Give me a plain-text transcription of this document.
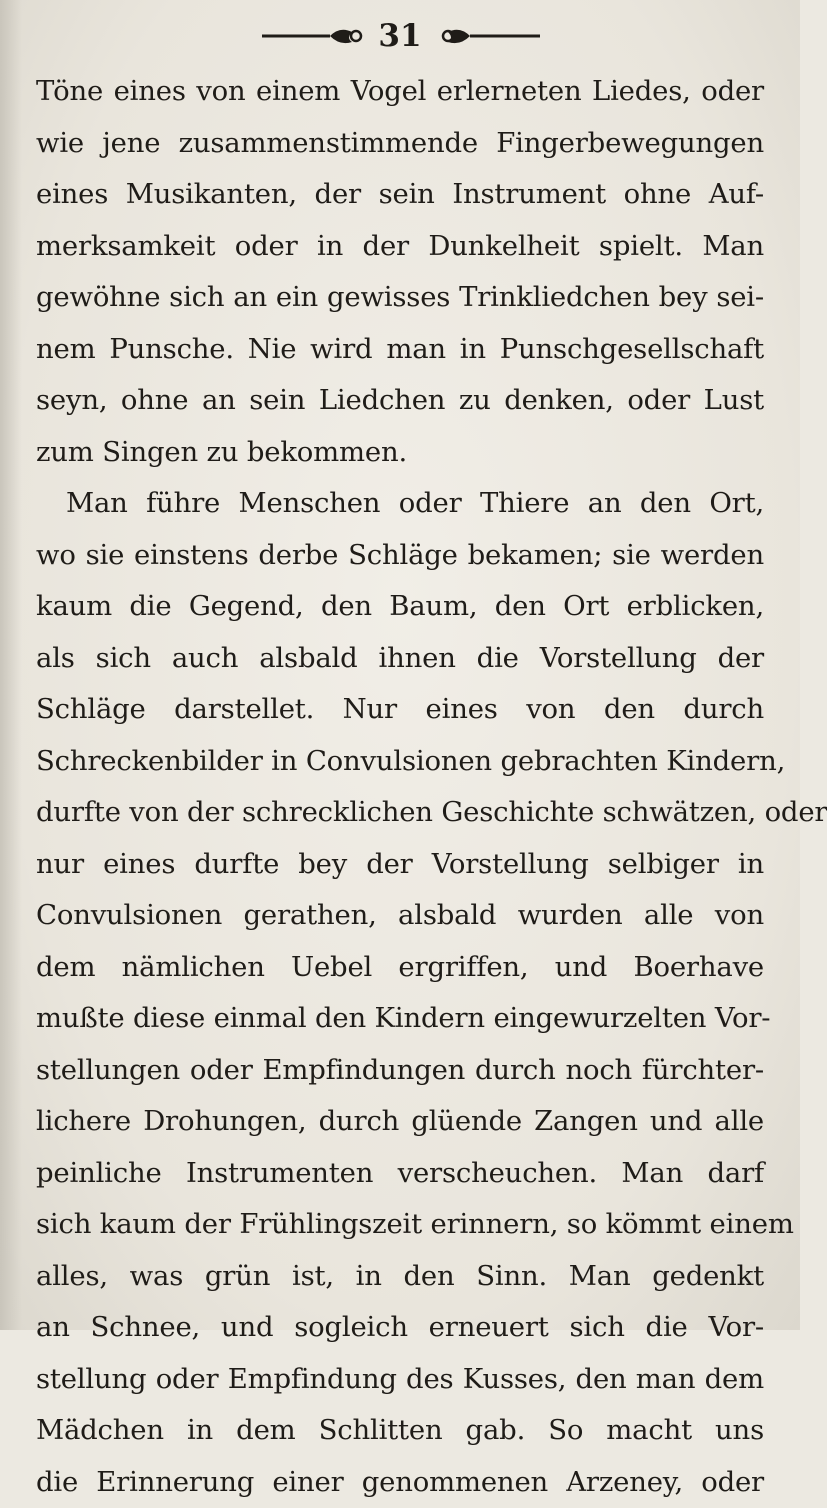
31
Töne eines von einem Vogel erlerneten Liedes, oder
wie jene zusammenstimmende Fingerbewegungen
eines Musikanten, der sein Instrument ohne Auf-
merksamkeit oder in der Dunkelheit spielt. Man
gewöhne sich an ein gewisses Trinkliedchen bey sei-
nem Punsche. Nie wird man in Punschgesellschaft
seyn, ohne an sein Liedchen zu denken, oder Lust
zum Singen zu bekommen.
Man führe Menschen oder Thiere an den Ort,
wo sie einstens derbe Schläge bekamen; sie werden
kaum die Gegend, den Baum, den Ort erblicken,
als sich auch alsbald ihnen die Vorstellung der
Schläge darstellet. Nur eines von den durch
Schreckenbilder in Convulsionen gebrachten Kindern,
durfte von der schrecklichen Geschichte schwätzen, oder
nur eines durfte bey der Vorstellung selbiger in
Convulsionen gerathen, alsbald wurden alle von
dem nämlichen Uebel ergriffen, und Boerhave
mußte diese einmal den Kindern eingewurzelten Vor-
stellungen oder Empfindungen durch noch fürchter-
lichere Drohungen, durch glüende Zangen und alle
peinliche Instrumenten verscheuchen. Man darf
sich kaum der Frühlingszeit erinnern, so kömmt einem
alles, was grün ist, in den Sinn. Man gedenkt
an Schnee, und sogleich erneuert sich die Vor-
stellung oder Empfindung des Kusses, den man dem
Mädchen in dem Schlitten gab. So macht uns
die Erinnerung einer genommenen Arzeney, oder
